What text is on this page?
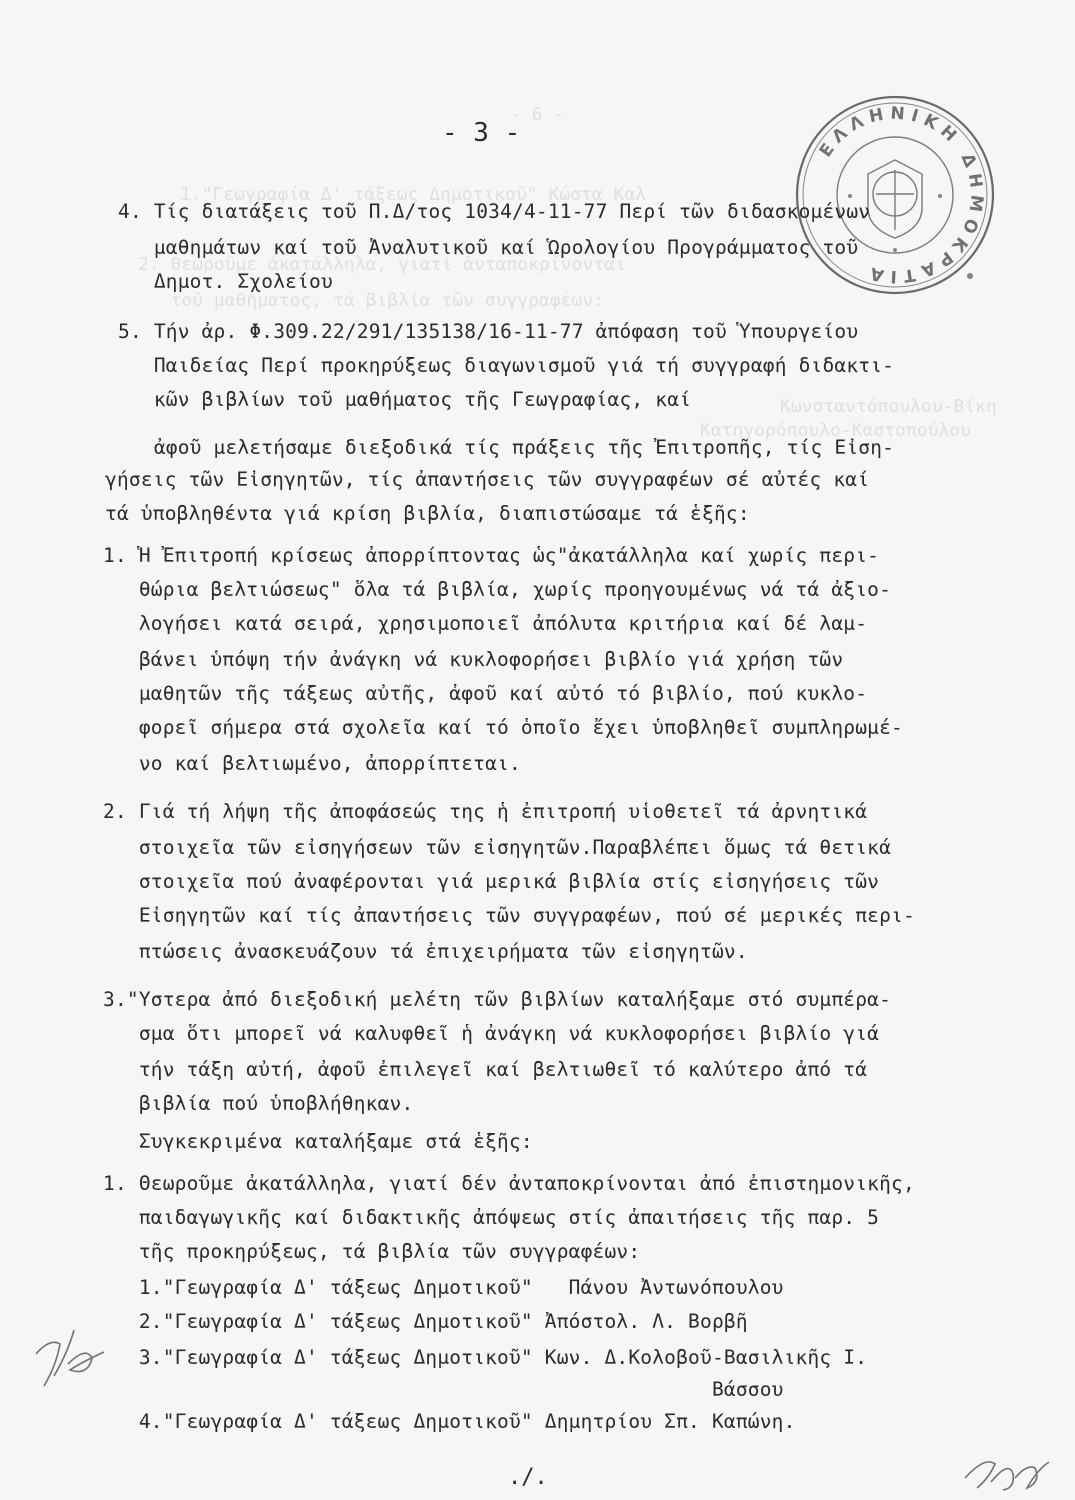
- 6 -
1."Γεωγραφία Δ' τάξεως Δημοτικοῦ" Κώστα Καλ
2. Θεωροῦμε ἀκατάλληλα, γιατί ἀνταποκρίνονται
τοῦ μαθήματος, τά βιβλία τῶν συγγραφέων:
Κατηγορόπουλο-Καστοπούλου
Κωνσταντόπουλου-Βίκη
- 3 -
ΕΛΛΗΝΙΚΗ ΔΗΜΟΚΡΑΤΙΑ
4. Τίς διατάξεις τοῦ Π.Δ/τος 1034/4-11-77 Περί τῶν διδασκομένων
μαθημάτων καί τοῦ Ἀναλυτικοῦ καί Ὡρολογίου Προγράμματος τοῦ
Δημοτ. Σχολείου
5. Τήν ἀρ. Φ.309.22/291/135138/16-11-77 ἀπόφαση τοῦ Ὑπουργείου
Παιδείας Περί προκηρύξεως διαγωνισμοῦ γιά τή συγγραφή διδακτι-
κῶν βιβλίων τοῦ μαθήματος τῆς Γεωγραφίας, καί
ἀφοῦ μελετήσαμε διεξοδικά τίς πράξεις τῆς Ἐπιτροπῆς, τίς Εἰση-
γήσεις τῶν Εἰσηγητῶν, τίς ἀπαντήσεις τῶν συγγραφέων σέ αὐτές καί
τά ὑποβληθέντα γιά κρίση βιβλία, διαπιστώσαμε τά ἑξῆς:
1. Ἡ Ἐπιτροπή κρίσεως ἀπορρίπτοντας ὡς"ἀκατάλληλα καί χωρίς περι-
θώρια βελτιώσεως" ὅλα τά βιβλία, χωρίς προηγουμένως νά τά ἀξιο-
λογήσει κατά σειρά, χρησιμοποιεῖ ἀπόλυτα κριτήρια καί δέ λαμ-
βάνει ὑπόψη τήν ἀνάγκη νά κυκλοφορήσει βιβλίο γιά χρήση τῶν
μαθητῶν τῆς τάξεως αὐτῆς, ἀφοῦ καί αὐτό τό βιβλίο, πού κυκλο-
φορεῖ σήμερα στά σχολεῖα καί τό ὁποῖο ἔχει ὑποβληθεῖ συμπληρωμέ-
νο καί βελτιωμένο, ἀπορρίπτεται.
2. Γιά τή λήψη τῆς ἀποφάσεώς της ἡ ἐπιτροπή υἱοθετεῖ τά ἀρνητικά
στοιχεῖα τῶν εἰσηγήσεων τῶν εἰσηγητῶν.Παραβλέπει ὅμως τά θετικά
στοιχεῖα πού ἀναφέρονται γιά μερικά βιβλία στίς εἰσηγήσεις τῶν
Εἰσηγητῶν καί τίς ἀπαντήσεις τῶν συγγραφέων, πού σέ μερικές περι-
πτώσεις ἀνασκευάζουν τά ἐπιχειρήματα τῶν εἰσηγητῶν.
3."Υστερα ἀπό διεξοδική μελέτη τῶν βιβλίων καταλήξαμε στό συμπέρα-
σμα ὅτι μπορεῖ νά καλυφθεῖ ἡ ἀνάγκη νά κυκλοφορήσει βιβλίο γιά
τήν τάξη αὐτή, ἀφοῦ ἐπιλεγεῖ καί βελτιωθεῖ τό καλύτερο ἀπό τά
βιβλία πού ὑποβλήθηκαν.
Συγκεκριμένα καταλήξαμε στά ἑξῆς:
1. Θεωροῦμε ἀκατάλληλα, γιατί δέν ἀνταποκρίνονται ἀπό ἐπιστημονικῆς,
παιδαγωγικῆς καί διδακτικῆς ἀπόψεως στίς ἀπαιτήσεις τῆς παρ. 5
τῆς προκηρύξεως, τά βιβλία τῶν συγγραφέων:
1."Γεωγραφία Δ' τάξεως Δημοτικοῦ"   Πάνου Ἀντωνόπουλου
2."Γεωγραφία Δ' τάξεως Δημοτικοῦ" Ἀπόστολ. Λ. Βορβῆ
3."Γεωγραφία Δ' τάξεως Δημοτικοῦ" Κων. Δ.Κολοβοῦ-Βασιλικῆς Ι.
Βάσσου
4."Γεωγραφία Δ' τάξεως Δημοτικοῦ" Δημητρίου Σπ. Καπώνη.
./.
